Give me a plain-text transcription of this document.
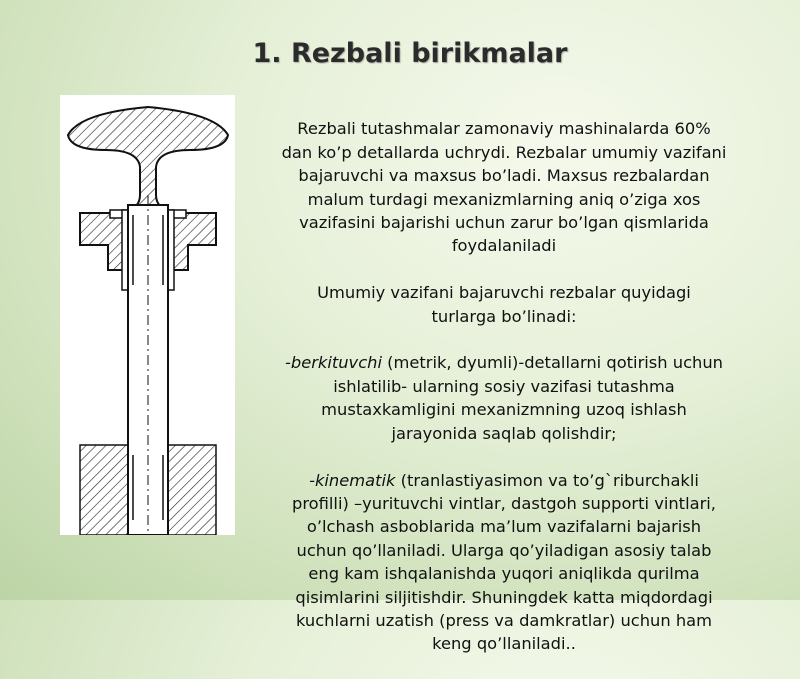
1. Rezbali birikmalar

Rezbali tutashmalar zamonaviy mashinalarda 60%
dan ko’p detallarda uchrydi. Rezbalar umumiy vazifani
bajaruvchi va maxsus bo’ladi. Maxsus rezbalardan
malum turdagi mexanizmlarning aniq o’ziga xos
vazifasini bajarishi uchun zarur bo’lgan qismlarida
foydalaniladi

Umumiy vazifani bajaruvchi rezbalar quyidagi
turlarga bo’linadi:

-berkituvchi (metrik, dyumli)-detallarni qotirish uchun
ishlatilib- ularning sosiy vazifasi tutashma
mustaxkamligini mexanizmning uzoq ishlash
jarayonida saqlab qolishdir;

-kinematik (tranlastiyasimon va to’g`riburchakli
profilli) –yurituvchi vintlar, dastgoh supporti vintlari,
o’lchash asboblarida ma’lum vazifalarni bajarish
uchun qo’llaniladi. Ularga qo’yiladigan asosiy talab
eng kam ishqalanishda yuqori aniqlikda qurilma
qisimlarini siljitishdir. Shuningdek katta miqdordagi
kuchlarni uzatish (press va damkratlar) uchun ham
keng qo’llaniladi..
